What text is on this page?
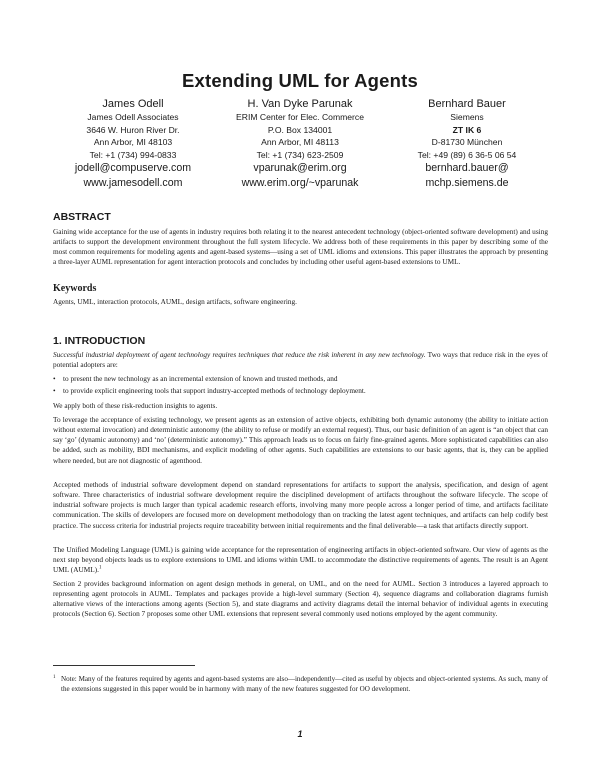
Extending UML for Agents
James Odell
James Odell Associates
3646 W. Huron River Dr.
Ann Arbor, MI 48103
Tel: +1 (734) 994-0833
jodell@compuserve.com
www.jamesodell.com
H. Van Dyke Parunak
ERIM Center for Elec. Commerce
P.O. Box 134001
Ann Arbor, MI 48113
Tel: +1 (734) 623-2509
vparunak@erim.org
www.erim.org/~vparunak
Bernhard Bauer
Siemens
ZT IK 6
D-81730 München
Tel: +49 (89) 6 36-5 06 54
bernhard.bauer@
mchp.siemens.de
ABSTRACT
Gaining wide acceptance for the use of agents in industry requires both relating it to the nearest antecedent technology (object-oriented software development) and using artifacts to support the development environment throughout the full system lifecycle. We address both of these requirements in this paper by describing some of the most common requirements for modeling agents and agent-based systems—using a set of UML idioms and extensions. This paper illustrates the approach by presenting a three-layer AUML representation for agent interaction protocols and concludes by including other useful agent-based extensions to UML.
Keywords
Agents, UML, interaction protocols, AUML, design artifacts, software engineering.
1. INTRODUCTION
Successful industrial deployment of agent technology requires techniques that reduce the risk inherent in any new technology. Two ways that reduce risk in the eyes of potential adopters are:
• to present the new technology as an incremental extension of known and trusted methods, and
• to provide explicit engineering tools that support industry-accepted methods of technology deployment.
We apply both of these risk-reduction insights to agents.
To leverage the acceptance of existing technology, we present agents as an extension of active objects, exhibiting both dynamic autonomy (the ability to initiate action without external invocation) and deterministic autonomy (the ability to refuse or modify an external request). Thus, our basic definition of an agent is “an object that can say ‘go’ (dynamic autonomy) and ‘no’ (deterministic autonomy).” This approach leads us to focus on fairly fine-grained agents. More sophisticated capabilities can also be added, such as mobility, BDI mechanisms, and explicit modeling of other agents. Such capabilities are extensions to our basic agents, that is, they can be applied where needed, but are not diagnostic of agenthood.
Accepted methods of industrial software development depend on standard representations for artifacts to support the analysis, specification, and design of agent software. Three characteristics of industrial software development require the disciplined development of artifacts throughout the software lifecycle. The scope of industrial software projects is much larger than typical academic research efforts, involving many more people across a longer period of time, and artifacts facilitate communication. The skills of developers are focused more on development methodology than on tracking the latest agent techniques, and artifacts can help codify best practice. The success criteria for industrial projects require traceability between initial requirements and the final deliverable—a task that artifacts directly support.
The Unified Modeling Language (UML) is gaining wide acceptance for the representation of engineering artifacts in object-oriented software. Our view of agents as the next step beyond objects leads us to explore extensions to UML and idioms within UML to accommodate the distinctive requirements of agents. The result is an Agent UML (AUML).$^1$
Section 2 provides background information on agent design methods in general, on UML, and on the need for AUML. Section 3 introduces a layered approach to representing agent protocols in AUML. Templates and packages provide a high-level summary (Section 4), sequence diagrams and collaboration diagrams furnish alternative views of the interactions among agents (Section 5), and state diagrams and activity diagrams detail the internal behavior of individual agents in executing protocols (Section 6). Section 7 proposes some other UML extensions that represent several commonly used notions employed by the agent community.
1 Note: Many of the features required by agents and agent-based systems are also—independently—cited as useful by objects and object-oriented systems. As such, many of the extensions suggested in this paper would be in harmony with many of the new features suggested for OO development.
1
